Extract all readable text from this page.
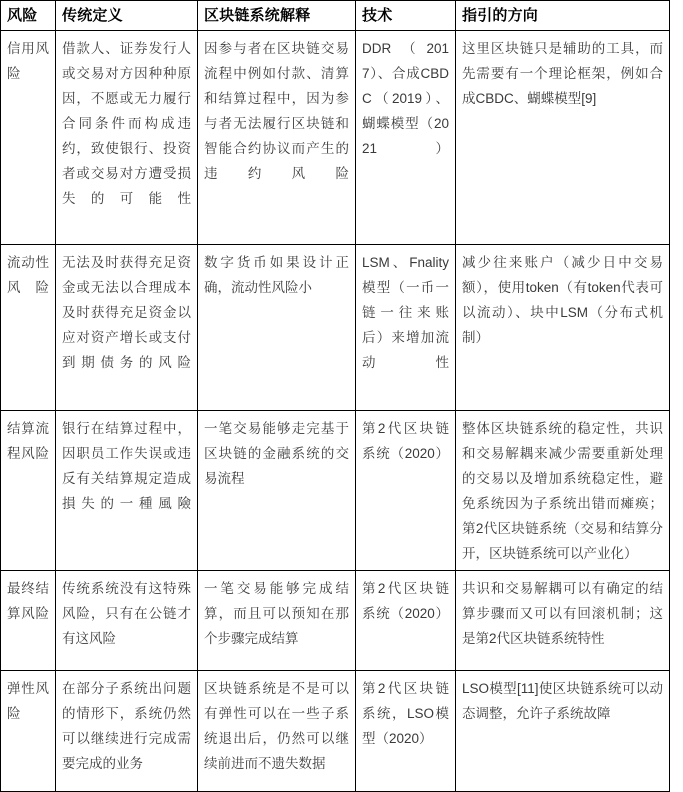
风险	传统定义	区块链系统解释	技术	指引的方向
信用风险	借款人、证券发行人或交易对方因种种原因，不愿或无力履行合同条件而构成违约，致使银行、投资者或交易对方遭受损失的可能性	因参与者在区块链交易流程中例如付款、清算和结算过程中，因为参与者无法履行区块链和智能合约协议而产生的违约风险	DDR（2017）、合成CBDC（2019）、蝴蝶模型（2021）	这里区块链只是辅助的工具，而先需要有一个理论框架，例如合成CBDC、蝴蝶模型[9]
流动性风险	无法及时获得充足资金或无法以合理成本及时获得充足资金以应对资产增长或支付到期债务的风险	数字货币如果设计正确，流动性风险小	LSM、Fnality模型（一币一链一往来账后）来增加流动性	减少往来账户（减少日中交易额），使用token（有token代表可以流动）、块中LSM（分布式机制）
结算流程风险	银行在结算过程中，因职员工作失误或违反有关结算規定造成損失的一種風險	一笔交易能够走完基于区块链的金融系统的交易流程	第2代区块链系统（2020）	整体区块链系统的稳定性，共识和交易解耦来减少需要重新处理的交易以及增加系统稳定性，避免系统因为子系统出错而瘫痪；第2代区块链系统（交易和结算分开，区块链系统可以产业化）
最终结算风险	传统系统没有这特殊风险，只有在公链才有这风险	一笔交易能够完成结算，而且可以预知在那个步骤完成结算	第2代区块链系统（2020）	共识和交易解耦可以有确定的结算步骤而又可以有回滚机制；这是第2代区块链系统特性
弹性风险	在部分子系统出问题的情形下，系统仍然可以继续进行完成需要完成的业务	区块链系统是不是可以有弹性可以在一些子系统退出后，仍然可以继续前进而不遗失数据	第2代区块链系统，LSO模型（2020）	LSO模型[11]使区块链系统可以动态调整，允许子系统故障
